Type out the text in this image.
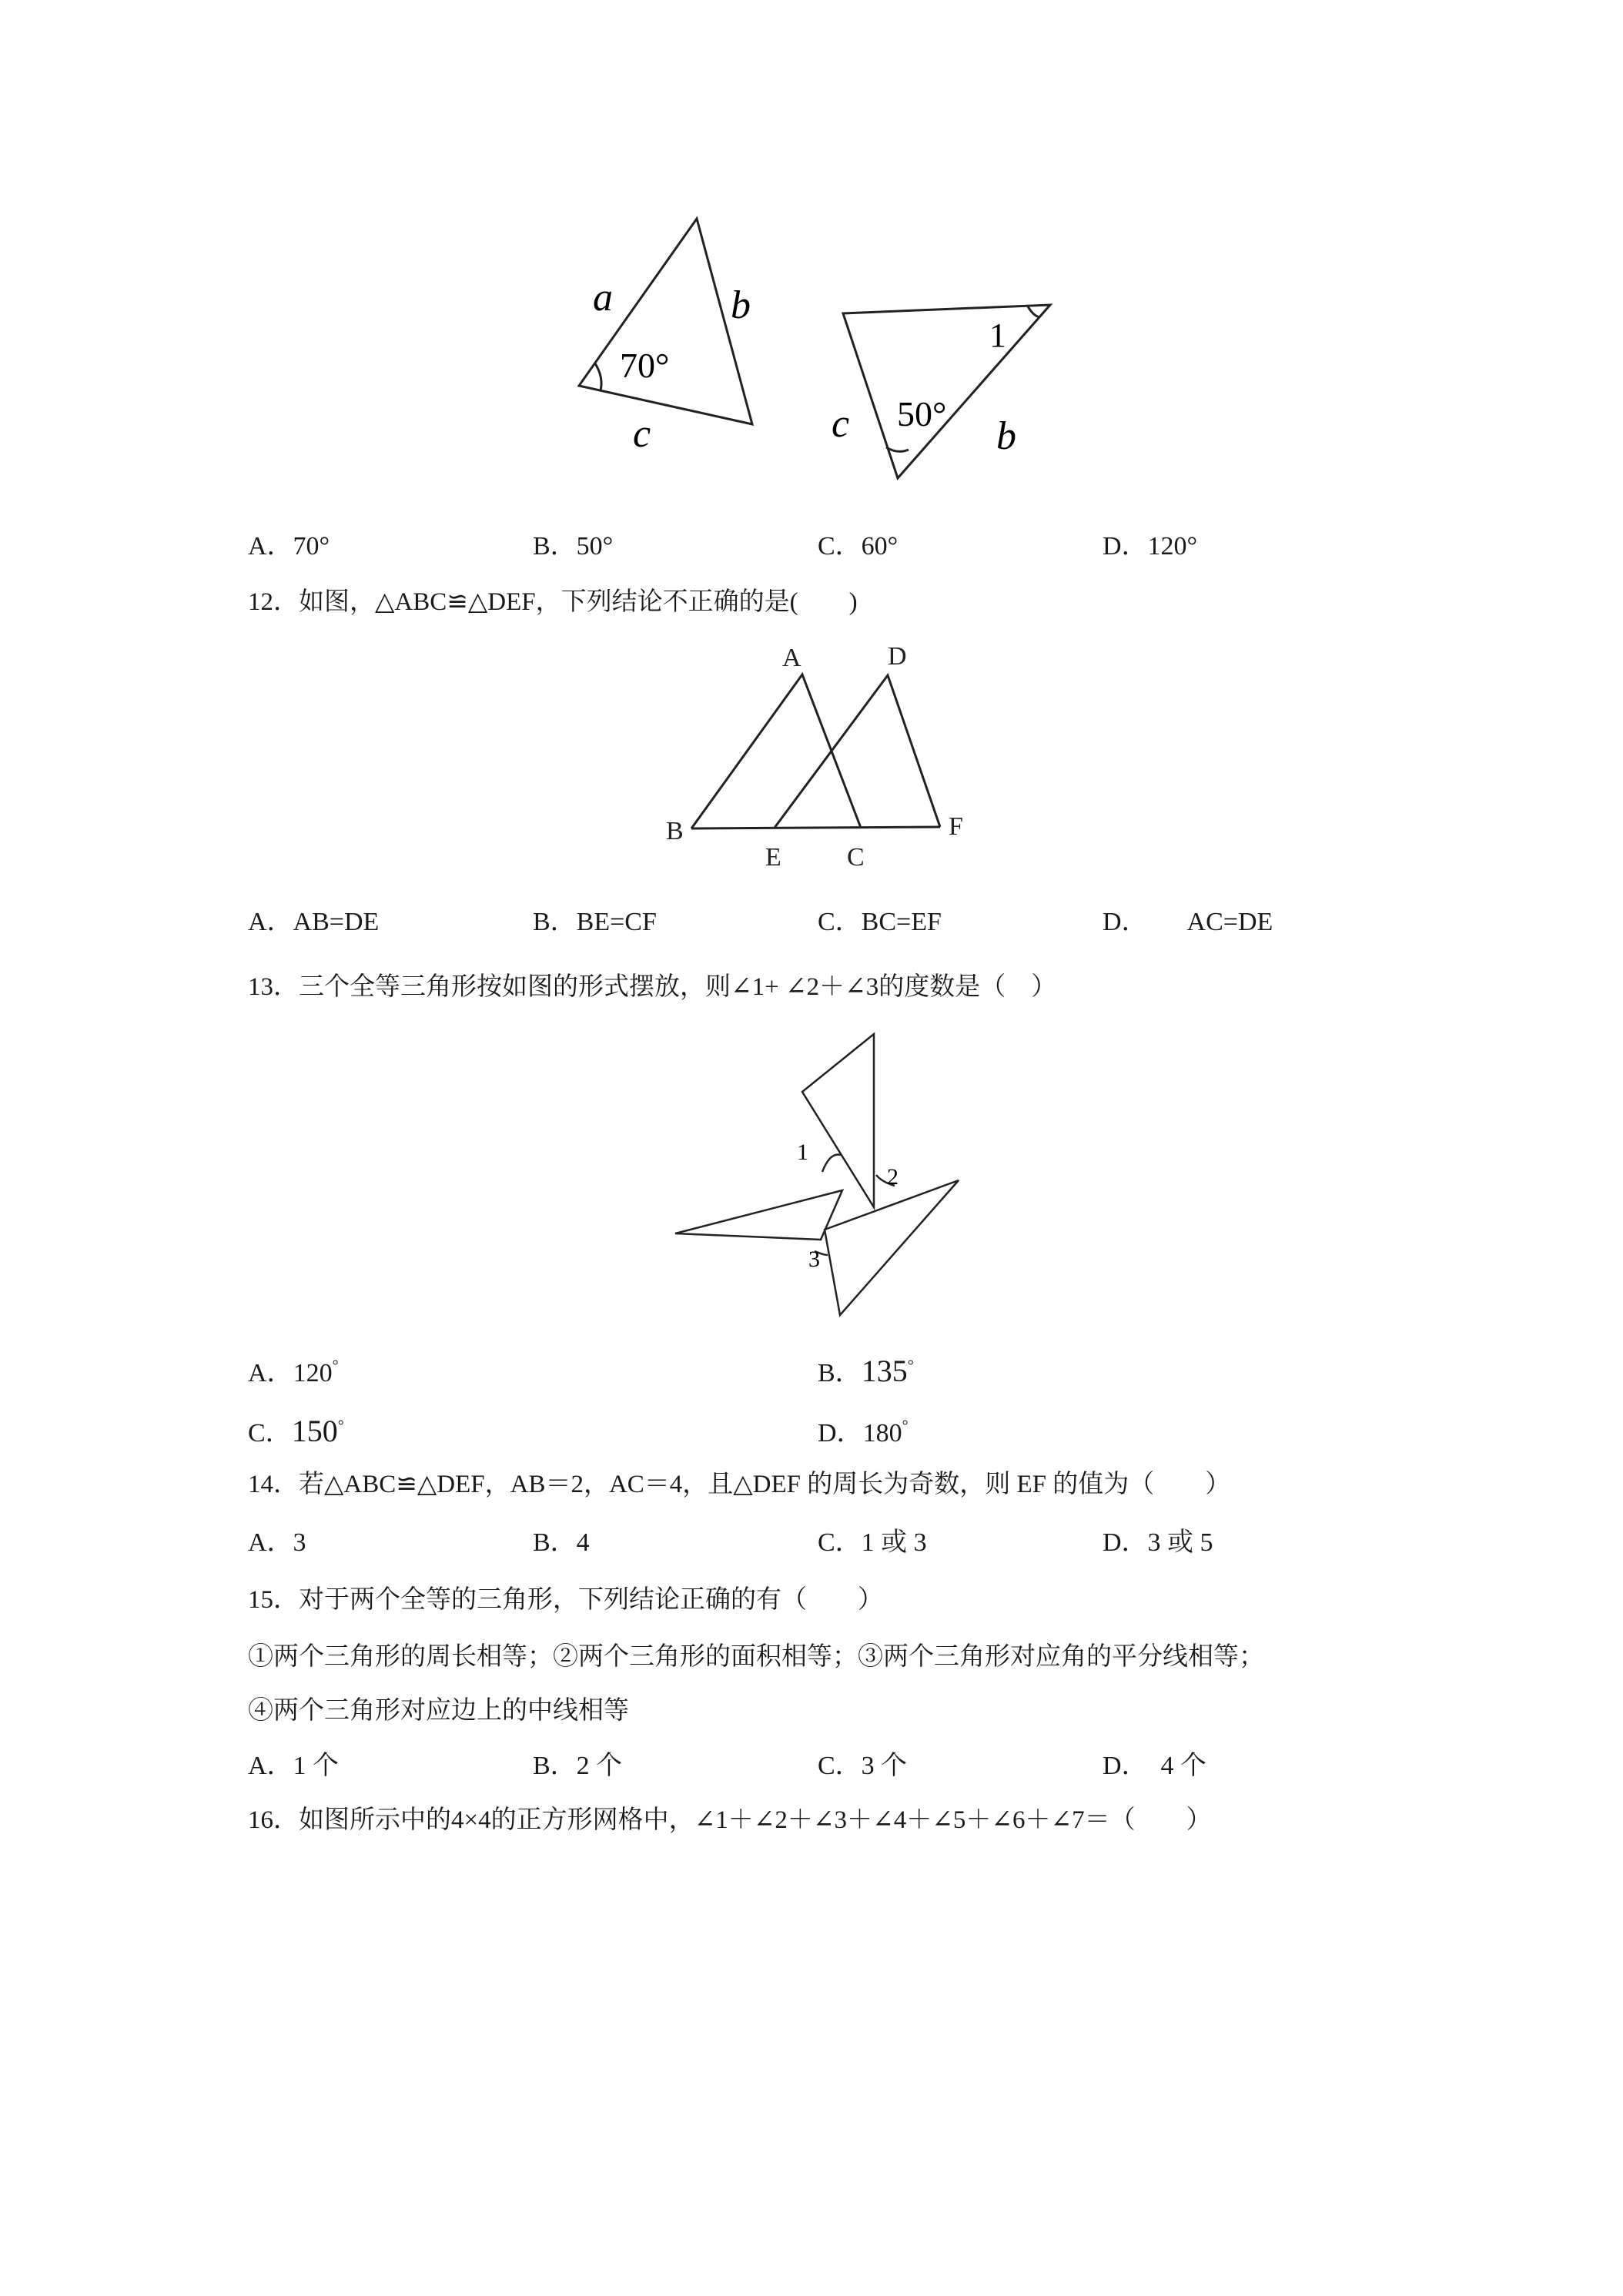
a	b
70°
c
1
50°
c	b
A．70°	B．50°	C．60°	D．120°
12．如图，△ABC≌△DEF，下列结论不正确的是(　　)
A	D
B
E	C
F
A．AB=DE	B．BE=CF	C．BC=EF	D．　　AC=DE
13．三个全等三角形按如图的形式摆放，则∠1+ ∠2＋∠3的度数是（　）
1
2
3
A．120°	B．135°
C．150°	D．180°
14．若△ABC≌△DEF，AB＝2，AC＝4，且△DEF 的周长为奇数，则 EF 的值为（　　）
A．3	B．4	C．1 或 3	D．3 或 5
15．对于两个全等的三角形，下列结论正确的有（　　）
①两个三角形的周长相等；②两个三角形的面积相等；③两个三角形对应角的平分线相等；
④两个三角形对应边上的中线相等
A．1 个	B．2 个	C．3 个	D．　4 个
16．如图所示中的4×4的正方形网格中，∠1＋∠2＋∠3＋∠4＋∠5＋∠6＋∠7＝（　　）
